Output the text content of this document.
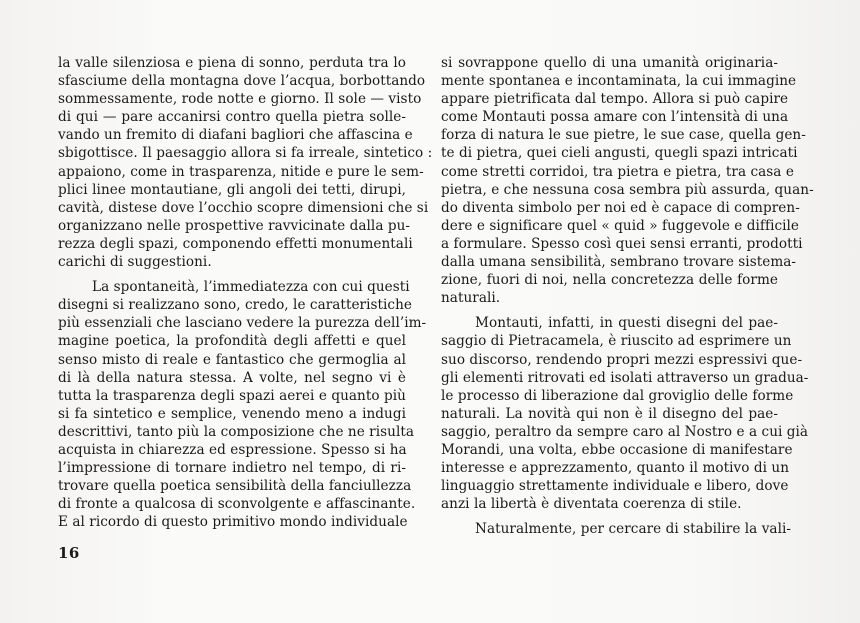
la valle silenziosa e piena di sonno, perduta tra lo
sfasciume della montagna dove l’acqua, borbottando
sommessamente, rode notte e giorno. Il sole — visto
di qui — pare accanirsi contro quella pietra solle-
vando un fremito di diafani bagliori che affascina e
sbigottisce. Il paesaggio allora si fa irreale, sintetico :
appaiono, come in trasparenza, nitide e pure le sem-
plici linee montautiane, gli angoli dei tetti, dirupi,
cavità, distese dove l’occhio scopre dimensioni che si
organizzano nelle prospettive ravvicinate dalla pu-
rezza degli spazi, componendo effetti monumentali
carichi di suggestioni.
La spontaneità, l’immediatezza con cui questi
disegni si realizzano sono, credo, le caratteristiche
più essenziali che lasciano vedere la purezza dell’im-
magine poetica, la profondità degli affetti e quel
senso misto di reale e fantastico che germoglia al
di là della natura stessa. A volte, nel segno vi è
tutta la trasparenza degli spazi aerei e quanto più
si fa sintetico e semplice, venendo meno a indugi
descrittivi, tanto più la composizione che ne risulta
acquista in chiarezza ed espressione. Spesso si ha
l’impressione di tornare indietro nel tempo, di ri-
trovare quella poetica sensibilità della fanciullezza
di fronte a qualcosa di sconvolgente e affascinante.
E al ricordo di questo primitivo mondo individuale
si sovrappone quello di una umanità originaria-
mente spontanea e incontaminata, la cui immagine
appare pietrificata dal tempo. Allora si può capire
come Montauti possa amare con l’intensità di una
forza di natura le sue pietre, le sue case, quella gen-
te di pietra, quei cieli angusti, quegli spazi intricati
come stretti corridoi, tra pietra e pietra, tra casa e
pietra, e che nessuna cosa sembra più assurda, quan-
do diventa simbolo per noi ed è capace di compren-
dere e significare quel « quid » fuggevole e difficile
a formulare. Spesso così quei sensi erranti, prodotti
dalla umana sensibilità, sembrano trovare sistema-
zione, fuori di noi, nella concretezza delle forme
naturali.
Montauti, infatti, in questi disegni del pae-
saggio di Pietracamela, è riuscito ad esprimere un
suo discorso, rendendo propri mezzi espressivi que-
gli elementi ritrovati ed isolati attraverso un gradua-
le processo di liberazione dal groviglio delle forme
naturali. La novità qui non è il disegno del pae-
saggio, peraltro da sempre caro al Nostro e a cui già
Morandi, una volta, ebbe occasione di manifestare
interesse e apprezzamento, quanto il motivo di un
linguaggio strettamente individuale e libero, dove
anzi la libertà è diventata coerenza di stile.
Naturalmente, per cercare di stabilire la vali-
16
